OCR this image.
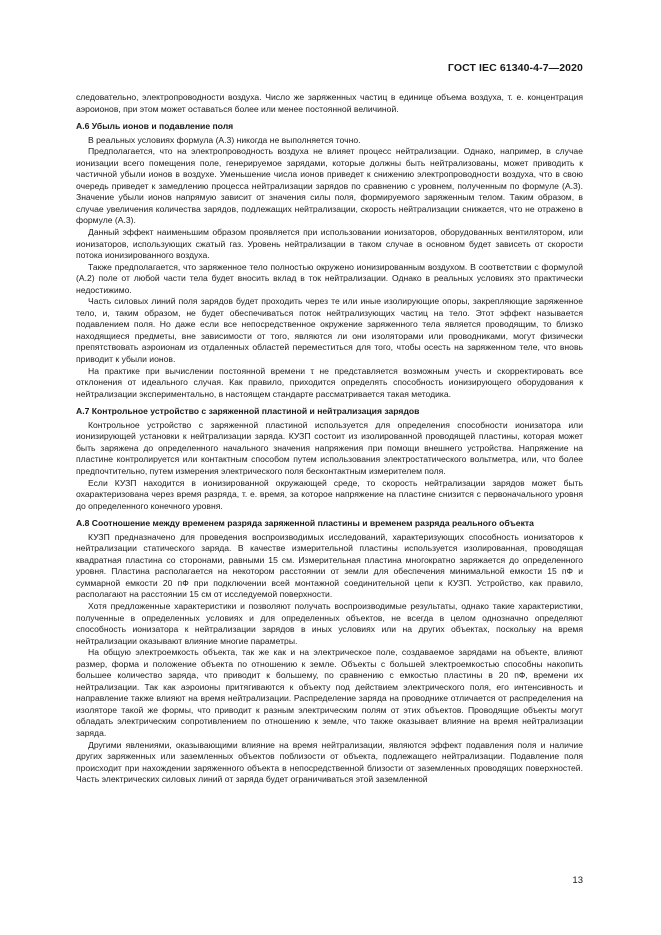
ГОСТ IEC 61340-4-7—2020

следовательно, электропроводности воздуха. Число же заряженных частиц в единице объема воздуха, т. е. концентрация аэроионов, при этом может оставаться более или менее постоянной величиной.

А.6 Убыль ионов и подавление поля

В реальных условиях формула (А.3) никогда не выполняется точно.

Предполагается, что на электропроводность воздуха не влияет процесс нейтрализации. Однако, например, в случае ионизации всего помещения поле, генерируемое зарядами, которые должны быть нейтрализованы, может приводить к частичной убыли ионов в воздухе. Уменьшение числа ионов приведет к снижению электропроводности воздуха, что в свою очередь приведет к замедлению процесса нейтрализации зарядов по сравнению с уровнем, полученным по формуле (А.3). Значение убыли ионов напрямую зависит от значения силы поля, формируемого заряженным телом. Таким образом, в случае увеличения количества зарядов, подлежащих нейтрализации, скорость нейтрализации снижается, что не отражено в формуле (А.3).

Данный эффект наименьшим образом проявляется при использовании ионизаторов, оборудованных вентилятором, или ионизаторов, использующих сжатый газ. Уровень нейтрализации в таком случае в основном будет зависеть от скорости потока ионизированного воздуха.

Также предполагается, что заряженное тело полностью окружено ионизированным воздухом. В соответствии с формулой (А.2) поле от любой части тела будет вносить вклад в ток нейтрализации. Однако в реальных условиях это практически недостижимо.

Часть силовых линий поля зарядов будет проходить через те или иные изолирующие опоры, закрепляющие заряженное тело, и, таким образом, не будет обеспечиваться поток нейтрализующих частиц на тело. Этот эффект называется подавлением поля. Но даже если все непосредственное окружение заряженного тела является проводящим, то близко находящиеся предметы, вне зависимости от того, являются ли они изоляторами или проводниками, могут физически препятствовать аэроионам из отдаленных областей переместиться для того, чтобы осесть на заряженном теле, что вновь приводит к убыли ионов.

На практике при вычислении постоянной времени τ не представляется возможным учесть и скорректировать все отклонения от идеального случая. Как правило, приходится определять способность ионизирующего оборудования к нейтрализации экспериментально, в настоящем стандарте рассматривается такая методика.

А.7 Контрольное устройство с заряженной пластиной и нейтрализация зарядов

Контрольное устройство с заряженной пластиной используется для определения способности ионизатора или ионизирующей установки к нейтрализации заряда. КУЗП состоит из изолированной проводящей пластины, которая может быть заряжена до определенного начального значения напряжения при помощи внешнего устройства. Напряжение на пластине контролируется или контактным способом путем использования электростатического вольтметра, или, что более предпочтительно, путем измерения электрического поля бесконтактным измерителем поля.

Если КУЗП находится в ионизированной окружающей среде, то скорость нейтрализации зарядов может быть охарактеризована через время разряда, т. е. время, за которое напряжение на пластине снизится с первоначального уровня до определенного конечного уровня.

А.8 Соотношение между временем разряда заряженной пластины и временем разряда реального объекта

КУЗП предназначено для проведения воспроизводимых исследований, характеризующих способность ионизаторов к нейтрализации статического заряда. В качестве измерительной пластины используется изолированная, проводящая квадратная пластина со сторонами, равными 15 см. Измерительная пластина многократно заряжается до определенного уровня. Пластина располагается на некотором расстоянии от земли для обеспечения минимальной емкости 15 пФ и суммарной емкости 20 пФ при подключении всей монтажной соединительной цепи к КУЗП. Устройство, как правило, располагают на расстоянии 15 см от исследуемой поверхности.

Хотя предложенные характеристики и позволяют получать воспроизводимые результаты, однако такие характеристики, полученные в определенных условиях и для определенных объектов, не всегда в целом однозначно определяют способность ионизатора к нейтрализации зарядов в иных условиях или на других объектах, поскольку на время нейтрализации оказывают влияние многие параметры.

На общую электроемкость объекта, так же как и на электрическое поле, создаваемое зарядами на объекте, влияют размер, форма и положение объекта по отношению к земле. Объекты с большей электроемкостью способны накопить большее количество заряда, что приводит к большему, по сравнению с емкостью пластины в 20 пФ, времени их нейтрализации. Так как аэроионы притягиваются к объекту под действием электрического поля, его интенсивность и направление также влияют на время нейтрализации. Распределение заряда на проводнике отличается от распределения на изоляторе такой же формы, что приводит к разным электрическим полям от этих объектов. Проводящие объекты могут обладать электрическим сопротивлением по отношению к земле, что также оказывает влияние на время нейтрализации заряда.

Другими явлениями, оказывающими влияние на время нейтрализации, являются эффект подавления поля и наличие других заряженных или заземленных объектов поблизости от объекта, подлежащего нейтрализации. Подавление поля происходит при нахождении заряженного объекта в непосредственной близости от заземленных проводящих поверхностей. Часть электрических силовых линий от заряда будет ограничиваться этой заземленной

13
